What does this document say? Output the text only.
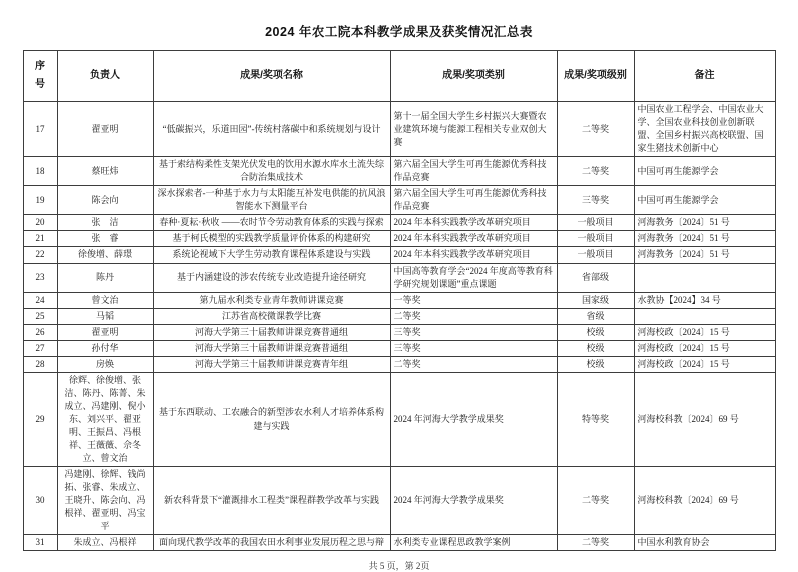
2024 年农工院本科教学成果及获奖情况汇总表
序号	负责人	成果/奖项名称	成果/奖项类别	成果/奖项级别	备注
17	翟亚明	“低碳振兴，乐道田园”-传统村落碳中和系统规划与设计	第十一届全国大学生乡村振兴大赛暨农业建筑环境与能源工程相关专业双创大赛	二等奖	中国农业工程学会、中国农业大学、全国农业科技创业创新联盟、全国乡村振兴高校联盟、国家生猪技术创新中心
18	蔡旺炜	基于索结构柔性支架光伏发电的饮用水源水库水土流失综合防治集成技术	第六届全国大学生可再生能源优秀科技作品竞赛	二等奖	中国可再生能源学会
19	陈会向	深水探索者-一种基于水力与太阳能互补发电供能的抗风浪智能水下测量平台	第六届全国大学生可再生能源优秀科技作品竞赛	三等奖	中国可再生能源学会
20	张　洁	春种·夏耘·秋收 ——农时节令劳动教育体系的实践与探索	2024 年本科实践教学改革研究项目	一般项目	河海教务〔2024〕51 号
21	张　睿	基于柯氏模型的实践教学质量评价体系的构建研究	2024 年本科实践教学改革研究项目	一般项目	河海教务〔2024〕51 号
22	徐俊增、薛璟	系统论视域下大学生劳动教育课程体系建设与实践	2024 年本科实践教学改革研究项目	一般项目	河海教务〔2024〕51 号
23	陈丹	基于内涵建设的涉农传统专业改造提升途径研究	中国高等教育学会“2024 年度高等教育科学研究规划课题”重点课题	省部级	
24	曾文治	第九届水利类专业青年教师讲课竞赛	一等奖	国家级	水教协【2024】34 号
25	马韬	江苏省高校微课教学比赛	二等奖	省级	
26	翟亚明	河海大学第三十届教师讲课竞赛普通组	三等奖	校级	河海校政〔2024〕15 号
27	孙付华	河海大学第三十届教师讲课竞赛普通组	三等奖	校级	河海校政〔2024〕15 号
28	房焕	河海大学第三十届教师讲课竞赛青年组	二等奖	校级	河海校政〔2024〕15 号
29	徐辉、徐俊增、张洁、陈丹、陈菁、朱成立、冯建刚、倪小东、刘兴平、翟亚明、王振昌、冯根祥、王薇薇、佘冬立、曾文治	基于东西联动、工农融合的新型涉农水利人才培养体系构建与实践	2024 年河海大学教学成果奖	特等奖	河海校科教〔2024〕69 号
30	冯建刚、徐辉、钱尚拓、张睿、朱成立、王晓升、陈会向、冯根祥、翟亚明、冯宝平	新农科背景下“灌溉排水工程类”课程群教学改革与实践	2024 年河海大学教学成果奖	二等奖	河海校科教〔2024〕69 号
31	朱成立、冯根祥	面向现代教学改革的我国农田水利事业发展历程之思与辩	水利类专业课程思政教学案例	二等奖	中国水利教育协会
共 5 页，第 2页
